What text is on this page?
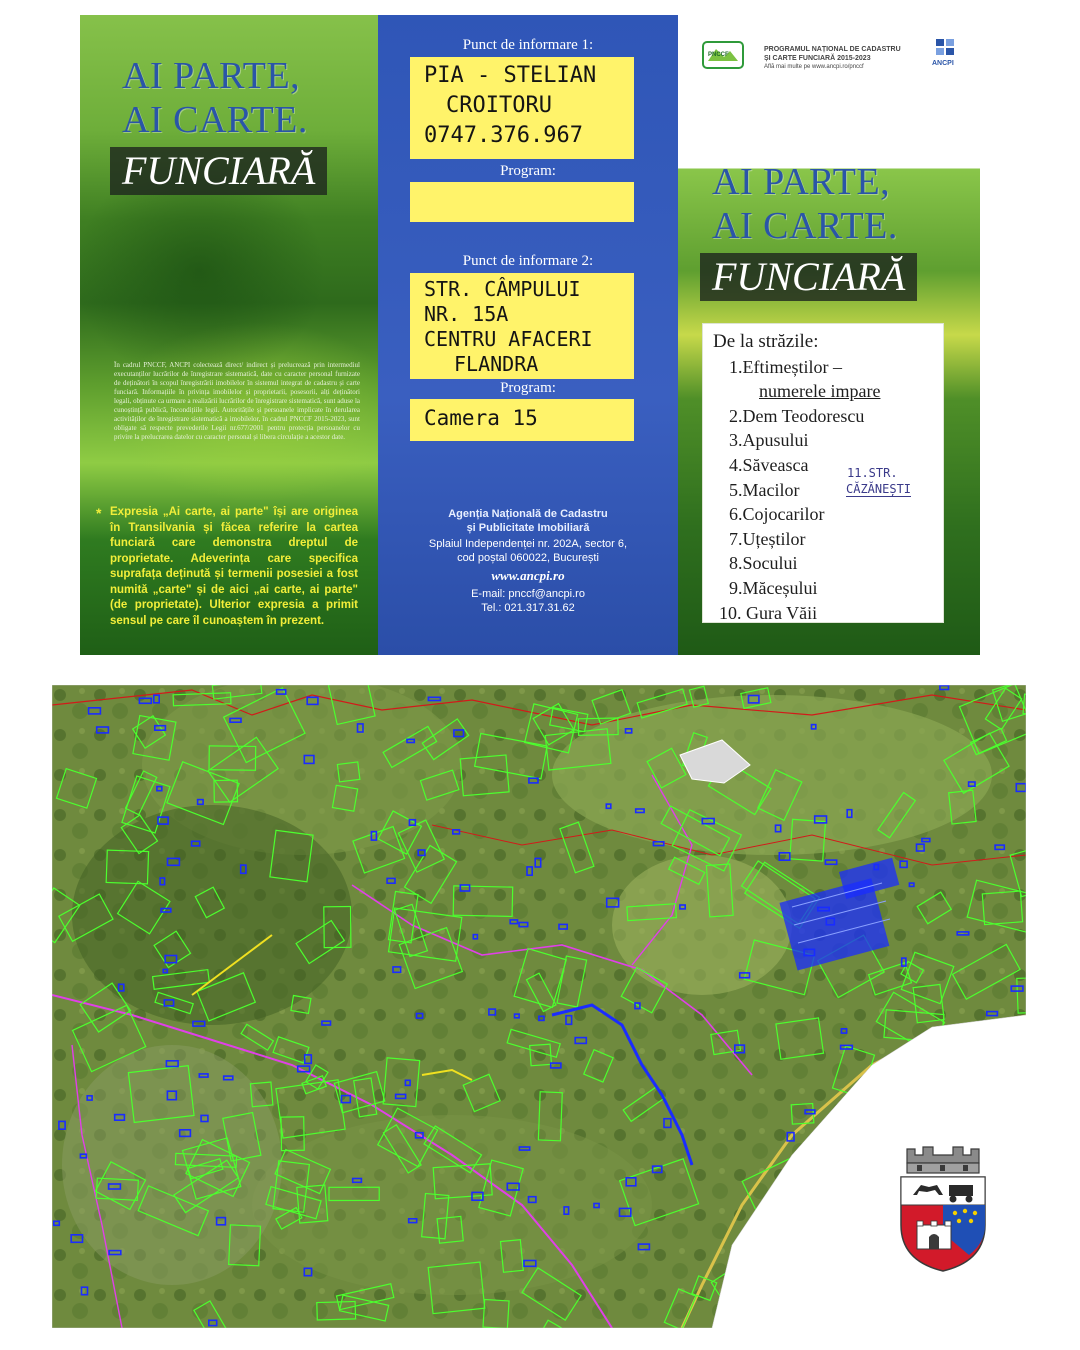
AI PARTE,
AI CARTE.
FUNCIARĂ
În cadrul PNCCF, ANCPI colectează direct/ indirect și prelucrează prin intermediul executanților lucrărilor de înregistrare sistematică, date cu caracter personal furnizate de deținători în scopul înregistrării imobilelor în sistemul integrat de cadastru și carte funciară. Informațiile în privința imobilelor și proprietarii, posesorii, alți deținători legali, obținute ca urmare a realizării lucrărilor de înregistrare sistematică, sunt aduse la cunoștință publică, încondițiile legii. Autoritățile și persoanele implicate în derularea activităților de înregistrare sistematică a imobilelor, în cadrul PNCCF 2015-2023, sunt obligate să respecte prevederile Legii nr.677/2001 pentru protecția persoanelor cu privire la prelucrarea datelor cu caracter personal și libera circulație a acestor date.
* Expresia „Ai carte, ai parte" își are originea în Transilvania și făcea referire la cartea funciară care demonstra dreptul de proprietate. Adeverința care specifica suprafața deținută și termenii posesiei a fost numită „carte" și de aici „ai carte, ai parte" (de proprietate). Ulterior expresia a primit sensul pe care îl cunoaștem în prezent.
Punct de informare 1:
PIA - STELIAN
CROITORU
0747.376.967
Program:
Punct de informare 2:
STR. CÂMPULUI
NR. 15A
CENTRU AFACERI
FLANDRA
Program:
Camera 15
Agenția Națională de Cadastru
și Publicitate Imobiliară
Splaiul Independenței nr. 202A, sector 6,
cod poștal 060022, București
www.ancpi.ro
E-mail: pnccf@ancpi.ro
Tel.: 021.317.31.62
PNCCF
PROGRAMUL NAȚIONAL DE CADASTRU
ȘI CARTE FUNCIARĂ 2015-2023
Află mai multe pe www.ancpi.ro/pnccf	ANCPI
AI PARTE,
AI CARTE.
FUNCIARĂ
De la străzile:
1.Eftimeștilor –
numerele impare
2.Dem Teodorescu
3.Apusului
4.Săveasca
5.Macilor
6.Cojocarilor
7.Uțeștilor
8.Socului
9.Măceșului
10. Gura Văii
11.STR.
CĂZĂNEȘTI
